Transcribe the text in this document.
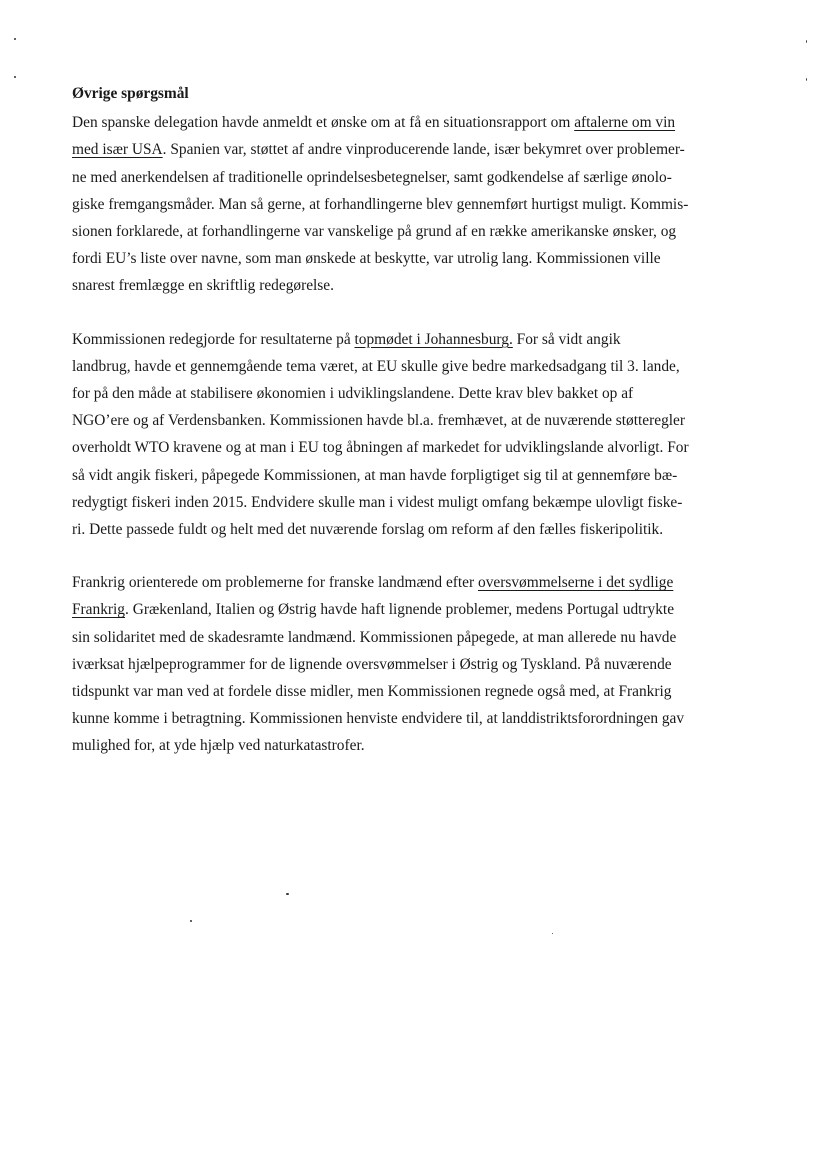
Øvrige spørgsmål

Den spanske delegation havde anmeldt et ønske om at få en situationsrapport om aftalerne om vin
med især USA. Spanien var, støttet af andre vinproducerende lande, især bekymret over problemer-
ne med anerkendelsen af traditionelle oprindelsesbetegnelser, samt godkendelse af særlige ønolo-
giske fremgangsmåder. Man så gerne, at forhandlingerne blev gennemført hurtigst muligt. Kommis-
sionen forklarede, at forhandlingerne var vanskelige på grund af en række amerikanske ønsker, og
fordi EU’s liste over navne, som man ønskede at beskytte, var utrolig lang. Kommissionen ville
snarest fremlægge en skriftlig redegørelse.

Kommissionen redegjorde for resultaterne på topmødet i Johannesburg. For så vidt angik
landbrug, havde et gennemgående tema været, at EU skulle give bedre markedsadgang til 3. lande,
for på den måde at stabilisere økonomien i udviklingslandene. Dette krav blev bakket op af
NGO’ere og af Verdensbanken. Kommissionen havde bl.a. fremhævet, at de nuværende støtteregler
overholdt WTO kravene og at man i EU tog åbningen af markedet for udviklingslande alvorligt. For
så vidt angik fiskeri, påpegede Kommissionen, at man havde forpligtiget sig til at gennemføre bæ-
redygtigt fiskeri inden 2015. Endvidere skulle man i videst muligt omfang bekæmpe ulovligt fiske-
ri. Dette passede fuldt og helt med det nuværende forslag om reform af den fælles fiskeripolitik.

Frankrig orienterede om problemerne for franske landmænd efter oversvømmelserne i det sydlige
Frankrig. Grækenland, Italien og Østrig havde haft lignende problemer, medens Portugal udtrykte
sin solidaritet med de skadesramte landmænd. Kommissionen påpegede, at man allerede nu havde
iværksat hjælpeprogrammer for de lignende oversvømmelser i Østrig og Tyskland. På nuværende
tidspunkt var man ved at fordele disse midler, men Kommissionen regnede også med, at Frankrig
kunne komme i betragtning. Kommissionen henviste endvidere til, at landdistriktsforordningen gav
mulighed for, at yde hjælp ved naturkatastrofer.
